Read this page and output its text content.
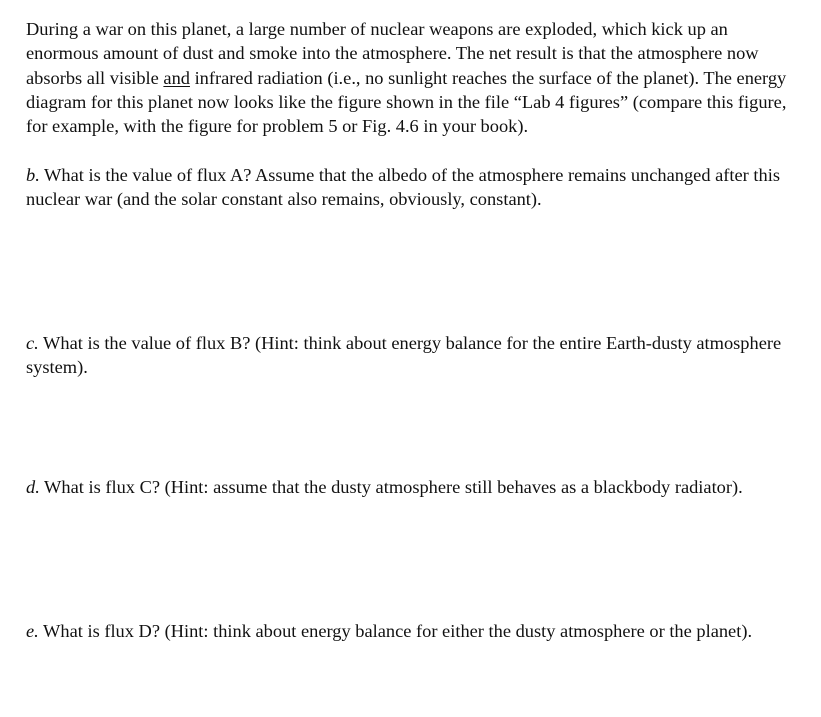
During a war on this planet, a large number of nuclear weapons are exploded, which kick up an enormous amount of dust and smoke into the atmosphere. The net result is that the atmosphere now absorbs all visible and infrared radiation (i.e., no sunlight reaches the surface of the planet). The energy diagram for this planet now looks like the figure shown in the file “Lab 4 figures” (compare this figure, for example, with the figure for problem 5 or Fig. 4.6 in your book).

b. What is the value of flux A? Assume that the albedo of the atmosphere remains unchanged after this nuclear war (and the solar constant also remains, obviously, constant).

c. What is the value of flux B? (Hint: think about energy balance for the entire Earth-dusty atmosphere system).

d. What is flux C? (Hint: assume that the dusty atmosphere still behaves as a blackbody radiator).

e. What is flux D? (Hint: think about energy balance for either the dusty atmosphere or the planet).
